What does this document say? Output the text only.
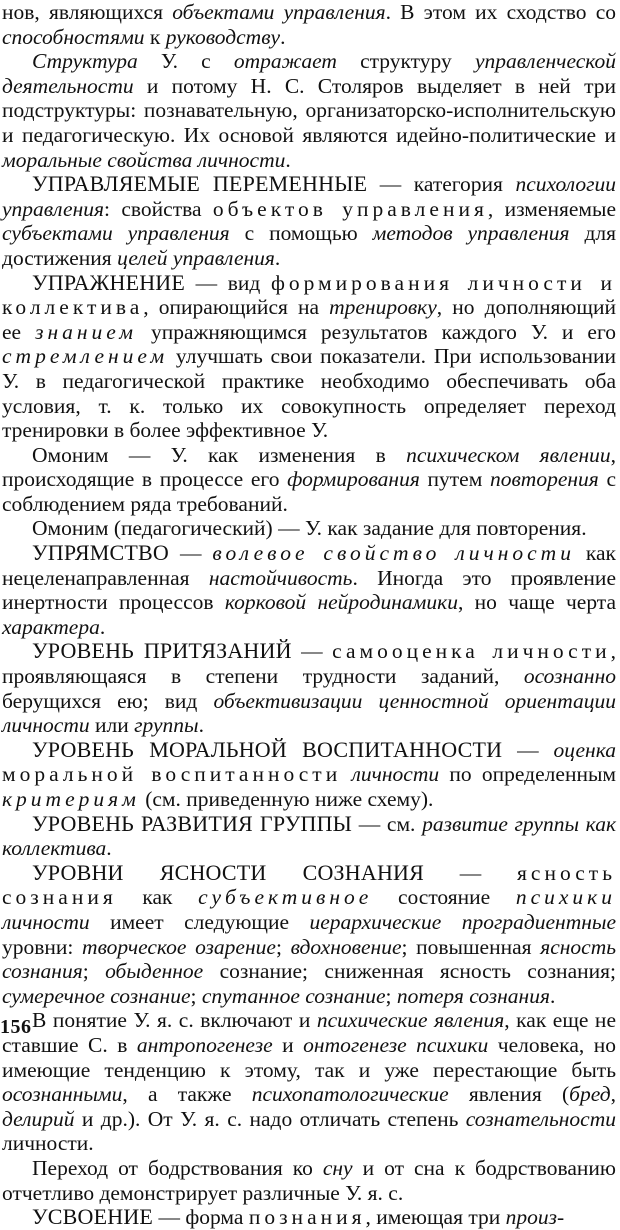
нов, являющихся объектами управления. В этом их сходство со способностями к руководству.

Структура У. с отражает структуру управленческой деятельности и потому Н. С. Столяров выделяет в ней три подструктуры: познавательную, организаторско-исполнительскую и педагогическую. Их основой являются идейно-политические и моральные свойства личности.

УПРАВЛЯЕМЫЕ ПЕРЕМЕННЫЕ — категория психологии управления: свойства объектов управления, изменяемые субъектами управления с помощью методов управления для достижения целей управления.

УПРАЖНЕНИЕ — вид формирования личности и коллектива, опирающийся на тренировку, но дополняющий ее знанием упражняющимся результатов каждого У. и его стремлением улучшать свои показатели. При использовании У. в педагогической практике необходимо обеспечивать оба условия, т. к. только их совокупность определяет переход тренировки в более эффективное У.

Омоним — У. как изменения в психическом явлении, происходящие в процессе его формирования путем повторения с соблюдением ряда требований.

Омоним (педагогический) — У. как задание для повторения.

УПРЯМСТВО — волевое свойство личности как нецеленаправленная настойчивость. Иногда это проявление инертности процессов корковой нейродинамики, но чаще черта характера.

УРОВЕНЬ ПРИТЯЗАНИЙ — самооценка личности, проявляющаяся в степени трудности заданий, осознанно берущихся ею; вид объективизации ценностной ориентации личности или группы.

УРОВЕНЬ МОРАЛЬНОЙ ВОСПИТАННОСТИ — оценка моральной воспитанности личности по определенным критериям (см. приведенную ниже схему).

УРОВЕНЬ РАЗВИТИЯ ГРУППЫ — см. развитие группы как коллектива.

УРОВНИ ЯСНОСТИ СОЗНАНИЯ — ясность сознания как субъективное состояние психики личности имеет следующие иерархические проградиентные уровни: творческое озарение; вдохновение; повышенная ясность сознания; обыденное сознание; сниженная ясность сознания; сумеречное сознание; спутанное сознание; потеря сознания.

В понятие У. я. с. включают и психические явления, как еще не ставшие С. в антропогенезе и онтогенезе психики человека, но имеющие тенденцию к этому, так и уже перестающие быть осознанными, а также психопатологические явления (бред, делирий и др.). От У. я. с. надо отличать степень сознательности личности.

Переход от бодрствования ко сну и от сна к бодрствованию отчетливо демонстрирует различные У. я. с.

УСВОЕНИЕ — форма познания, имеющая три произ-

156
